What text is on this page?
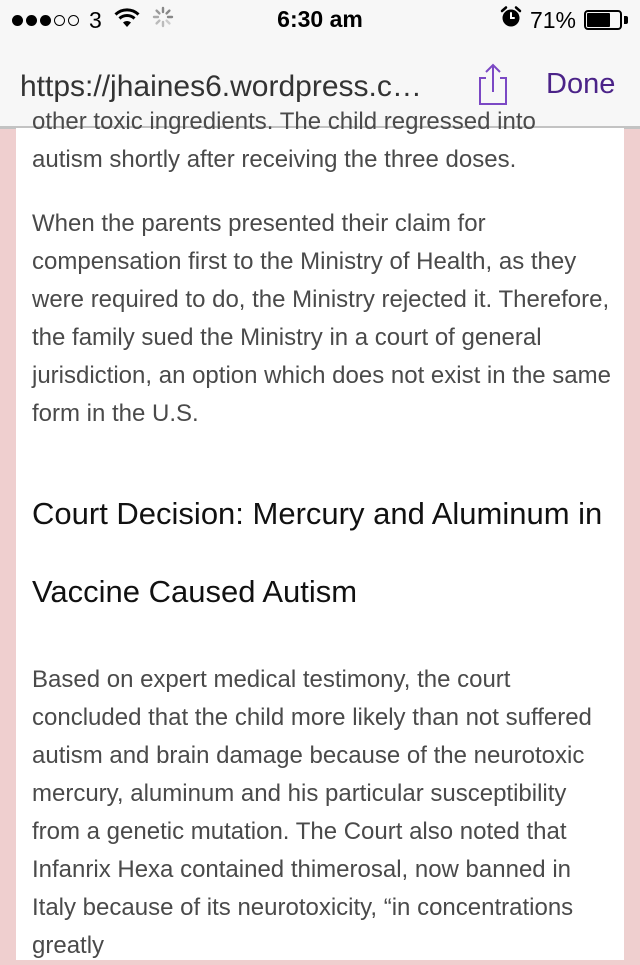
3	6:30 am	71%
https://jhaines6.wordpress.c…	Done

other toxic ingredients. The child regressed into autism shortly after receiving the three doses.

When the parents presented their claim for compensation first to the Ministry of Health, as they were required to do, the Ministry rejected it. Therefore, the family sued the Ministry in a court of general jurisdiction, an option which does not exist in the same form in the U.S.

Court Decision: Mercury and Aluminum in Vaccine Caused Autism

Based on expert medical testimony, the court concluded that the child more likely than not suffered autism and brain damage because of the neurotoxic mercury, aluminum and his particular susceptibility from a genetic mutation. The Court also noted that Infanrix Hexa contained thimerosal, now banned in Italy because of its neurotoxicity, “in concentrations greatly
